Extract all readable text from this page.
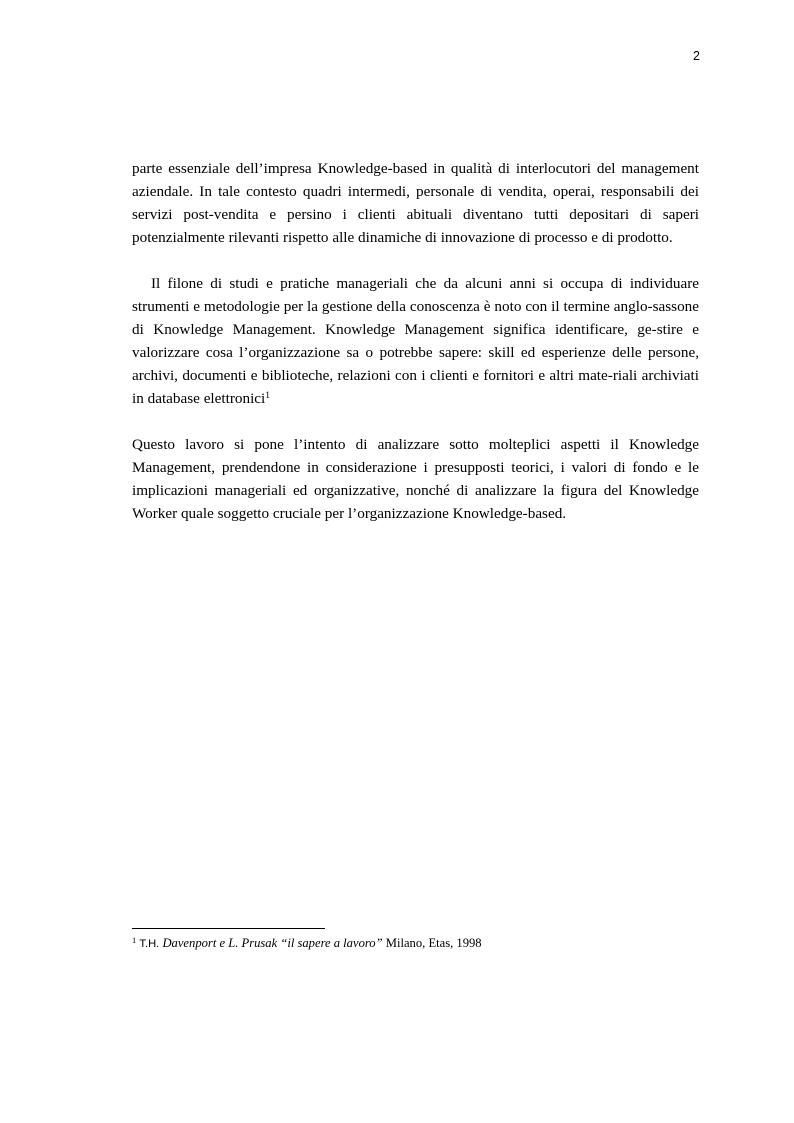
2

parte essenziale dell’impresa Knowledge-based in qualità di interlocutori del management aziendale. In tale contesto quadri intermedi, personale di vendita, operai, responsabili dei servizi post-vendita e persino i clienti abituali diventano tutti depositari di saperi potenzialmente rilevanti rispetto alle dinamiche di innovazione di processo e di prodotto.

Il filone di studi e pratiche manageriali che da alcuni anni si occupa di individuare strumenti e metodologie per la gestione della conoscenza è noto con il termine anglo-sassone di Knowledge Management. Knowledge Management significa identificare, ge-stire e valorizzare cosa l’organizzazione sa o potrebbe sapere: skill ed esperienze delle persone, archivi, documenti e biblioteche, relazioni con i clienti e fornitori e altri mate-riali archiviati in database elettronici$^1$

Questo lavoro si pone l’intento di analizzare sotto molteplici aspetti il Knowledge Management, prendendone in considerazione i presupposti teorici, i valori di fondo e le implicazioni manageriali ed organizzative, nonché di analizzare la figura del Knowledge Worker quale soggetto cruciale per l’organizzazione Knowledge-based.

$^1$ T.H. Davenport e L. Prusak “il sapere a lavoro” Milano, Etas, 1998
